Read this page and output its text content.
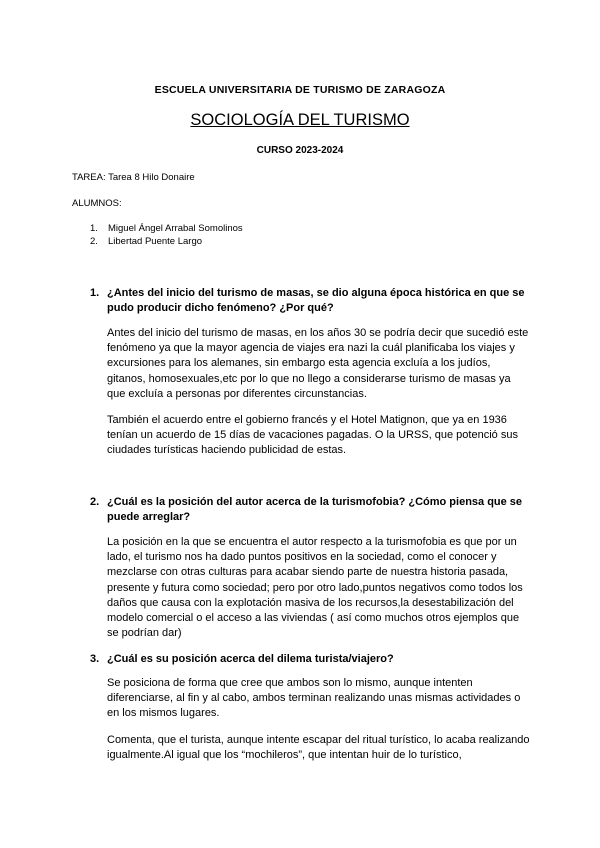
ESCUELA UNIVERSITARIA DE TURISMO DE ZARAGOZA
SOCIOLOGÍA DEL TURISMO
CURSO 2023-2024
TAREA: Tarea 8 Hilo Donaire
ALUMNOS:
1.	Miguel Ángel Arrabal Somolinos
2.	Libertad Puente Largo
1. ¿Antes del inicio del turismo de masas, se dio alguna época histórica en que se pudo producir dicho fenómeno? ¿Por qué?

Antes del inicio del turismo de masas, en los años 30 se podría decir que sucedió este fenómeno ya que la mayor agencia de viajes era nazi la cuál planificaba los viajes y excursiones para los alemanes, sin embargo esta agencia excluía a los judíos, gitanos, homosexuales,etc por lo que no llego a considerarse turismo de masas ya que excluía a personas por diferentes circunstancias.

También el acuerdo entre el gobierno francés y el Hotel Matignon, que ya en 1936 tenían un acuerdo de 15 días de vacaciones pagadas. O la URSS, que potenció sus ciudades turísticas haciendo publicidad de estas.

2. ¿Cuál es la posición del autor acerca de la turismofobia? ¿Cómo piensa que se puede arreglar?

La posición en la que se encuentra el autor respecto a la turismofobia es que por un lado, el turismo nos ha dado puntos positivos en la sociedad, como el conocer y mezclarse con otras culturas para acabar siendo parte de nuestra historia pasada, presente y futura como sociedad; pero por otro lado,puntos negativos como todos los daños que causa con la explotación masiva de los recursos,la desestabilización del modelo comercial o el acceso a las viviendas ( así como muchos otros ejemplos que se podrían dar)

3. ¿Cuál es su posición acerca del dilema turista/viajero?

Se posiciona de forma que cree que ambos son lo mismo, aunque intenten diferenciarse, al fin y al cabo, ambos terminan realizando unas mismas actividades o en los mismos lugares.

Comenta, que el turista, aunque intente escapar del ritual turístico, lo acaba realizando igualmente.Al igual que los “mochileros”, que intentan huir de lo turístico,
